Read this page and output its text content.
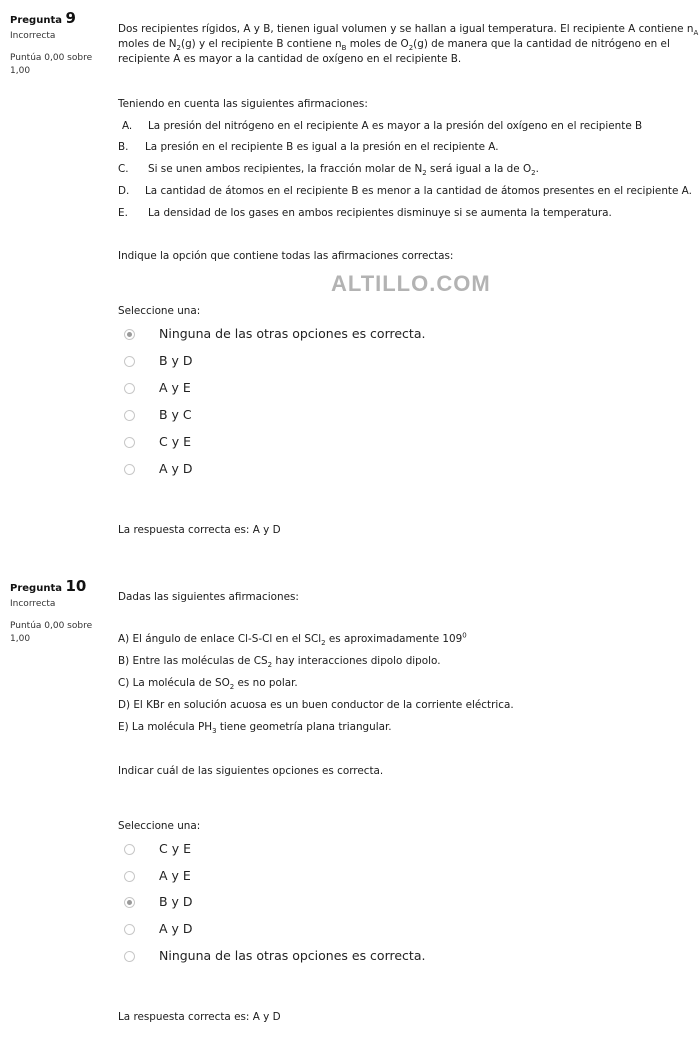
Pregunta 9
Incorrecta
Puntúa 0,00 sobre 1,00
Dos recipientes rígidos, A y B, tienen igual volumen y se hallan a igual temperatura. El recipiente A contiene $n_A$
moles de $N_2(g)$ y el recipiente B contiene $n_B$ moles de $O_2(g)$ de manera que la cantidad de nitrógeno en el
recipiente A es mayor a la cantidad de oxígeno en el recipiente B.
Teniendo en cuenta las siguientes afirmaciones:
A. La presión del nitrógeno en el recipiente A es mayor a la presión del oxígeno en el recipiente B
B. La presión en el recipiente B es igual a la presión en el recipiente A.
C. Si se unen ambos recipientes, la fracción molar de $N_2$ será igual a la de $O_2$.
D. La cantidad de átomos en el recipiente B es menor a la cantidad de átomos presentes en el recipiente A.
E. La densidad de los gases en ambos recipientes disminuye si se aumenta la temperatura.
Indique la opción que contiene todas las afirmaciones correctas:
Seleccione una:
Ninguna de las otras opciones es correcta.
B y D
A y E
B y C
C y E
A y D
La respuesta correcta es: A y D
ALTILLO.COM
Pregunta 10
Incorrecta
Puntúa 0,00 sobre 1,00
Dadas las siguientes afirmaciones:
A) El ángulo de enlace Cl-S-Cl en el SCl$_2$ es aproximadamente $109^0$
B) Entre las moléculas de $CS_2$ hay interacciones dipolo dipolo.
C) La molécula de $SO_2$ es no polar.
D) El KBr en solución acuosa es un buen conductor de la corriente eléctrica.
E) La molécula $PH_3$ tiene geometría plana triangular.
Indicar cuál de las siguientes opciones es correcta.
Seleccione una:
C y E
A y E
B y D
A y D
Ninguna de las otras opciones es correcta.
La respuesta correcta es: A y D
